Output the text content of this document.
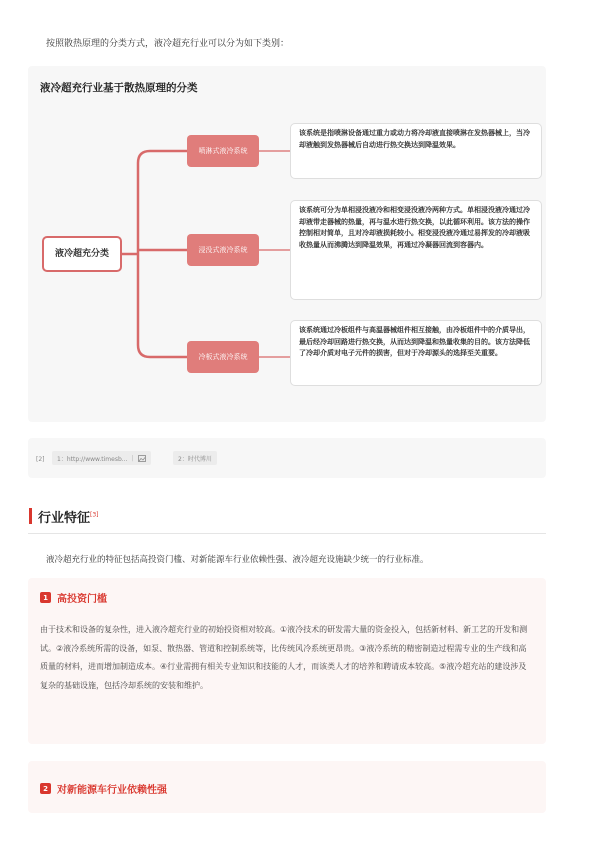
按照散热原理的分类方式，液冷超充行业可以分为如下类别：
液冷超充行业基于散热原理的分类
液冷超充分类
喷淋式液冷系统
该系统是指喷淋设备通过重力或动力将冷却液直接喷淋在发热器械上，当冷却液触到发热器械后自动进行热交换达到降温效果。
浸没式液冷系统
该系统可分为单相浸没液冷和相变浸没液冷两种方式。单相浸没液冷通过冷却液带走器械的热量，再与温水进行热交换，以此循环利用。该方法的操作控制相对简单，且对冷却液损耗较小。相变浸没液冷通过易挥发的冷却液吸收热量从而沸腾达到降温效果，再通过冷凝器回流到容器内。
冷板式液冷系统
该系统通过冷板组件与高温器械组件相互接触，由冷板组件中的介质导出，最后经冷却回路进行热交换，从而达到降温和热量收集的目的。该方法降低了冷却介质对电子元件的损害，但对于冷却源头的选择至关重要。
[2] 1：http://www.timesb... |	2：时代博川
行业特征[3]
液冷超充行业的特征包括高投资门槛、对新能源车行业依赖性强、液冷超充设施缺少统一的行业标准。
1 高投资门槛
由于技术和设备的复杂性，进入液冷超充行业的初始投资相对较高。①液冷技术的研发需大量的资金投入，包括新材料、新工艺的开发和测试。②液冷系统所需的设备，如泵、散热器、管道和控制系统等，比传统风冷系统更昂贵。③液冷系统的精密制造过程需专业的生产线和高质量的材料，进而增加制造成本。④行业需拥有相关专业知识和技能的人才，而该类人才的培养和聘请成本较高。⑤液冷超充站的建设涉及复杂的基础设施，包括冷却系统的安装和维护。
2 对新能源车行业依赖性强
